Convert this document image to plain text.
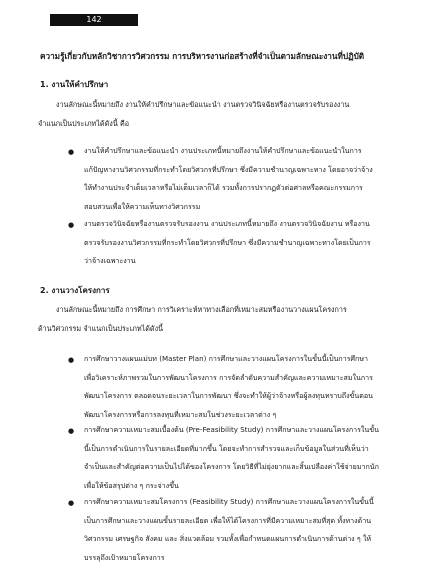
142
ความรู้เกี่ยวกับหลักวิชาการวิศวกรรม การบริหารงานก่อสร้างที่จำเป็นตามลักษณะงานที่ปฏิบัติ
1. งานให้คำปรึกษา

งานลักษณะนี้หมายถึง งานให้คำปรึกษาและข้อแนะนำ งานตรวจวินิจฉัยหรืองานตรวจรับรองงาน
จำแนกเป็นประเภทได้ดังนี้ คือ

● งานให้คำปรึกษาและข้อแนะนำ งานประเภทนี้หมายถึงงานให้คำปรึกษาและข้อแนะนำในการ
แก้ปัญหางานวิศวกรรมที่กระทำโดยวิศวกรที่ปรึกษา ซึ่งมีความชำนาญเฉพาะทาง โดยอาจว่าจ้าง
ให้ทำงานประจำเต็มเวลาหรือไม่เต็มเวลาก็ได้ รวมทั้งการปรากฏตัวต่อศาลหรือคณะกรรมการ
สอบสวนเพื่อให้ความเห็นทางวิศวกรรม

● งานตรวจวินิจฉัยหรืองานตรวจรับรองงาน งานประเภทนี้หมายถึง งานตรวจวินิจฉัยงาน หรืองาน
ตรวจรับรองงานวิศวกรรมที่กระทำโดยวิศวกรที่ปรึกษา ซึ่งมีความชำนาญเฉพาะทางโดยเป็นการ
ว่าจ้างเฉพาะงาน

2. งานวางโครงการ

งานลักษณะนี้หมายถึง การศึกษา การวิเคราะห์หาทางเลือกที่เหมาะสมหรืองานวางแผนโครงการ
ด้านวิศวกรรม จำแนกเป็นประเภทได้ดังนี้

● การศึกษาวางแผนแม่บท (Master Plan) การศึกษาและวางแผนโครงการในขั้นนี้เป็นการศึกษา
เพื่อวิเคราะห์ภาพรวมในการพัฒนาโครงการ การจัดลำดับความสำคัญและความเหมาะสมในการ
พัฒนาโครงการ ตลอดจนระยะเวลาในการพัฒนา ซึ่งจะทำให้ผู้ว่าจ้างหรือผู้ลงทุนทราบถึงขั้นตอน
พัฒนาโครงการหรือการลงทุนที่เหมาะสมในช่วงระยะเวลาต่าง ๆ

● การศึกษาความเหมาะสมเบื้องต้น (Pre-Feasibility Study) การศึกษาและวางแผนโครงการในขั้น
นี้เป็นการดำเนินการในรายละเอียดที่มากขึ้น โดยจะทำการสำรวจและเก็บข้อมูลในส่วนที่เห็นว่า
จำเป็นและสำคัญต่อความเป็นไปได้ของโครงการ โดยวิธีที่ไม่ยุ่งยากและสิ้นเปลืองค่าใช้จ่ายมากนัก
เพื่อให้ข้อสรุปต่าง ๆ กระจ่างขึ้น

● การศึกษาความเหมาะสมโครงการ (Feasibility Study) การศึกษาและวางแผนโครงการในขั้นนี้
เป็นการศึกษาและวางแผนขั้นรายละเอียด เพื่อให้ได้โครงการที่มีความเหมาะสมที่สุด ทั้งทางด้าน
วิศวกรรม เศรษฐกิจ สังคม และ สิ่งแวดล้อม รวมทั้งเพื่อกำหนดแผนการดำเนินการด้านต่าง ๆ ให้
บรรลุถึงเป้าหมายโครงการ
